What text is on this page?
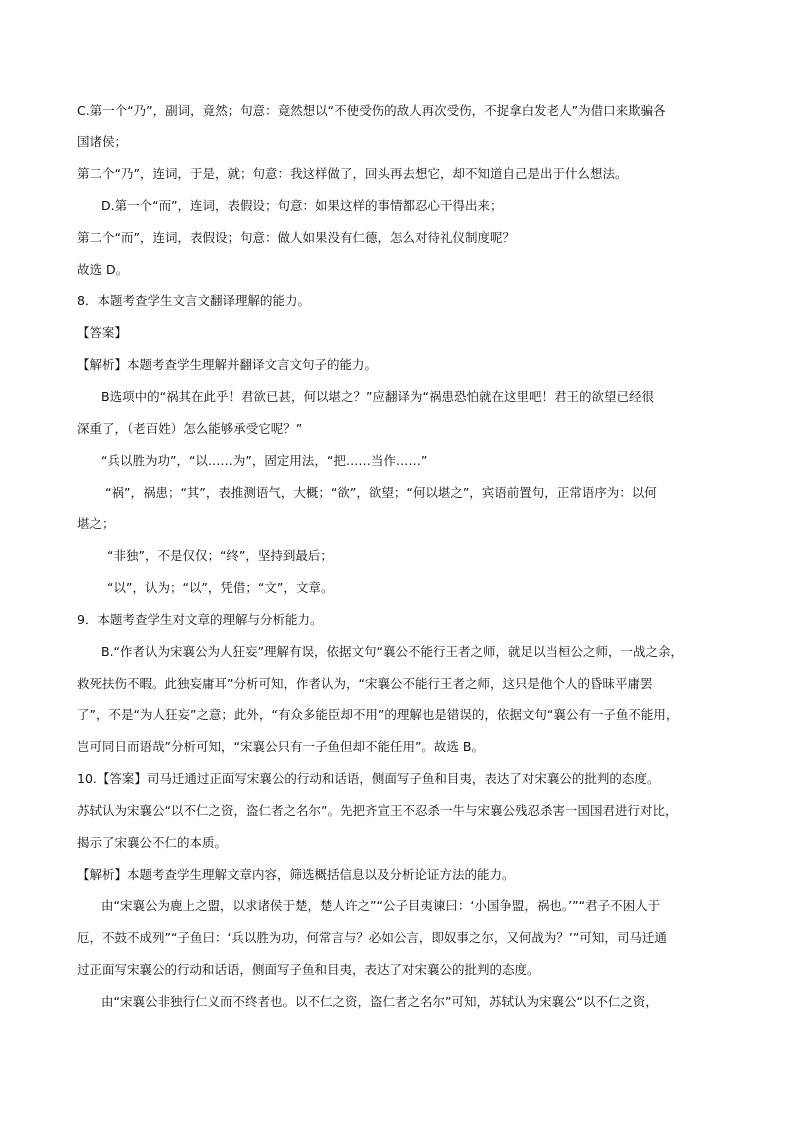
C.第一个“乃”，副词，竟然；句意：竟然想以“不使受伤的敌人再次受伤，不捉拿白发老人”为借口来欺骗各
国诸侯；
第二个“乃”，连词，于是，就；句意：我这样做了，回头再去想它，却不知道自己是出于什么想法。
D.第一个“而”，连词，表假设；句意：如果这样的事情都忍心干得出来；
第二个“而”，连词，表假设；句意：做人如果没有仁德，怎么对待礼仪制度呢？
故选 D。
8．本题考查学生文言文翻译理解的能力。
【答案】
【解析】本题考查学生理解并翻译文言文句子的能力。
B选项中的“祸其在此乎！君欲已甚，何以堪之？”应翻译为“祸患恐怕就在这里吧！君王的欲望已经很
深重了，（老百姓）怎么能够承受它呢？”
“兵以胜为功”，“以……为”，固定用法，“把……当作……”
“祸”，祸患；“其”，表推测语气，大概；“欲”，欲望；“何以堪之”，宾语前置句，正常语序为：以何
堪之；
“非独”，不是仅仅；“终”，坚持到最后；
“以”，认为；“以”，凭借；“文”，文章。
9．本题考查学生对文章的理解与分析能力。
B.“作者认为宋襄公为人狂妄”理解有误，依据文句“襄公不能行王者之师，就足以当桓公之师，一战之余，
救死扶伤不暇。此独妄庸耳”分析可知，作者认为，“宋襄公不能行王者之师，这只是他个人的昏昧平庸罢
了”，不是“为人狂妄”之意；此外，“有众多能臣却不用”的理解也是错误的，依据文句“襄公有一子鱼不能用，
岂可同日而语哉”分析可知，“宋襄公只有一子鱼但却不能任用”。故选 B。
10.【答案】司马迁通过正面写宋襄公的行动和话语，侧面写子鱼和目夷，表达了对宋襄公的批判的态度。
苏轼认为宋襄公“以不仁之资，盗仁者之名尔”。先把齐宣王不忍杀一牛与宋襄公残忍杀害一国国君进行对比，
揭示了宋襄公不仁的本质。
【解析】本题考查学生理解文章内容，筛选概括信息以及分析论证方法的能力。
由“宋襄公为鹿上之盟，以求诸侯于楚，楚人许之”“公子目夷谏曰：‘小国争盟，祸也。’”“君子不困人于
厄，不鼓不成列”“子鱼曰：‘兵以胜为功，何常言与？必如公言，即奴事之尔，又何战为？’”可知，司马迁通
过正面写宋襄公的行动和话语，侧面写子鱼和目夷，表达了对宋襄公的批判的态度。
由“宋襄公非独行仁义而不终者也。以不仁之资，盗仁者之名尔”可知，苏轼认为宋襄公“以不仁之资，
